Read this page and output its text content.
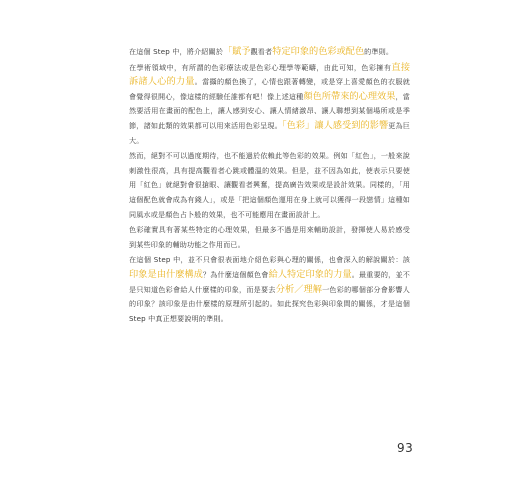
在這個 Step 中，將介紹關於「賦予觀看者特定印象的色彩或配色的準則。

在學術領域中，有所謂的色彩療法或是色彩心理學等範疇，由此可知，色彩擁有直接訴諸人心的力量。當攝的顏色換了，心情也跟著轉變，或是穿上喜愛顏色的衣服就會覺得很開心，像這樣的經驗任誰都有吧！像上述這種顏色所帶來的心理效果，當然要活用在畫面的配色上，讓人感到安心、讓人情緒激昂、讓人聯想到某個場所或是季節，諸如此類的效果都可以用來活用色彩呈現。「色彩」讓人感受到的影響更為巨大。

然而，絕對不可以過度期待，也不能過於依賴此等色彩的效果。例如「紅色」，一般來說刺激性很高，具有提高觀看者心跳或體溫的效果。但是，並不因為如此，使表示只要使用「紅色」就絕對會很搶眼、讓觀看者興奮，提高廣告效果或是設計效果。同樣的，「用這個配色就會成為有錢人」，或是「把這個顏色運用在身上就可以獲得一段戀情」這種如同風水或是顏色占卜般的效果，也不可能應用在畫面設計上。

色彩確實具有著某些特定的心理效果，但最多不過是用來輔助設計，發揮使人易於感受到某些印象的輔助功能之作用而已。

在這個 Step 中，並不只會很表面地介紹色彩與心理的關係，也會深入的解說關於：該印象是由什麼構成？為什麼這個顏色會給人特定印象的力量。最重要的，並不是只知道色彩會給人什麼樣的印象，而是要去分析／理解一色彩的哪個部分會影響人的印象？該印象是由什麼樣的原理所引起的。如此探究色彩與印象間的關係，才是這個 Step 中真正想要說明的準則。

93
